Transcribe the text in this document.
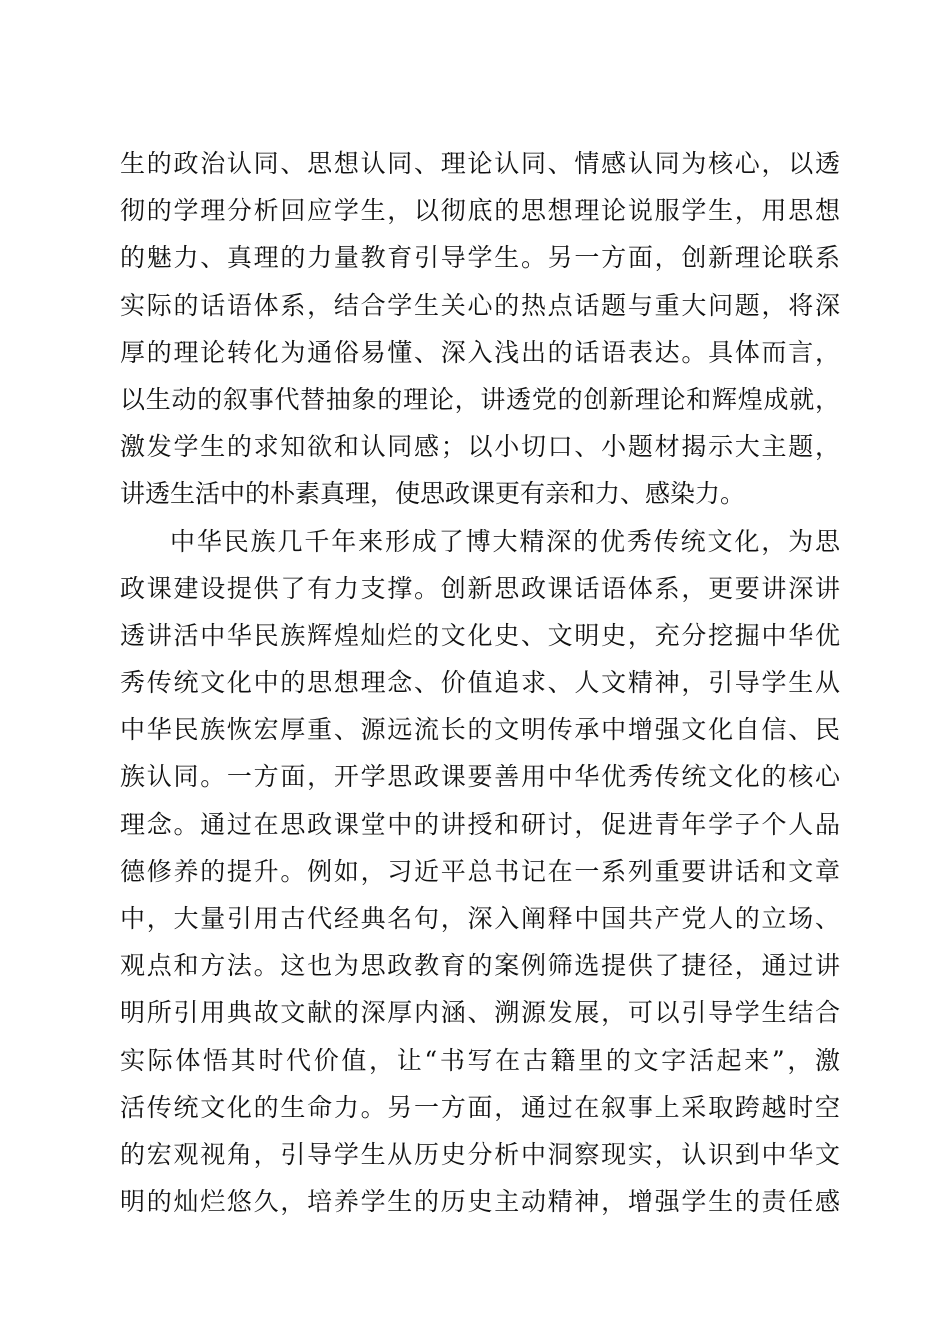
生的政治认同、思想认同、理论认同、情感认同为核心，以透
彻的学理分析回应学生，以彻底的思想理论说服学生，用思想
的魅力、真理的力量教育引导学生。另一方面，创新理论联系
实际的话语体系，结合学生关心的热点话题与重大问题，将深
厚的理论转化为通俗易懂、深入浅出的话语表达。具体而言，
以生动的叙事代替抽象的理论，讲透党的创新理论和辉煌成就，
激发学生的求知欲和认同感；以小切口、小题材揭示大主题，
讲透生活中的朴素真理，使思政课更有亲和力、感染力。
中华民族几千年来形成了博大精深的优秀传统文化，为思
政课建设提供了有力支撑。创新思政课话语体系，更要讲深讲
透讲活中华民族辉煌灿烂的文化史、文明史，充分挖掘中华优
秀传统文化中的思想理念、价值追求、人文精神，引导学生从
中华民族恢宏厚重、源远流长的文明传承中增强文化自信、民
族认同。一方面，开学思政课要善用中华优秀传统文化的核心
理念。通过在思政课堂中的讲授和研讨，促进青年学子个人品
德修养的提升。例如，习近平总书记在一系列重要讲话和文章
中，大量引用古代经典名句，深入阐释中国共产党人的立场、
观点和方法。这也为思政教育的案例筛选提供了捷径，通过讲
明所引用典故文献的深厚内涵、溯源发展，可以引导学生结合
实际体悟其时代价值，让“书写在古籍里的文字活起来”，激
活传统文化的生命力。另一方面，通过在叙事上采取跨越时空
的宏观视角，引导学生从历史分析中洞察现实，认识到中华文
明的灿烂悠久，培养学生的历史主动精神，增强学生的责任感
